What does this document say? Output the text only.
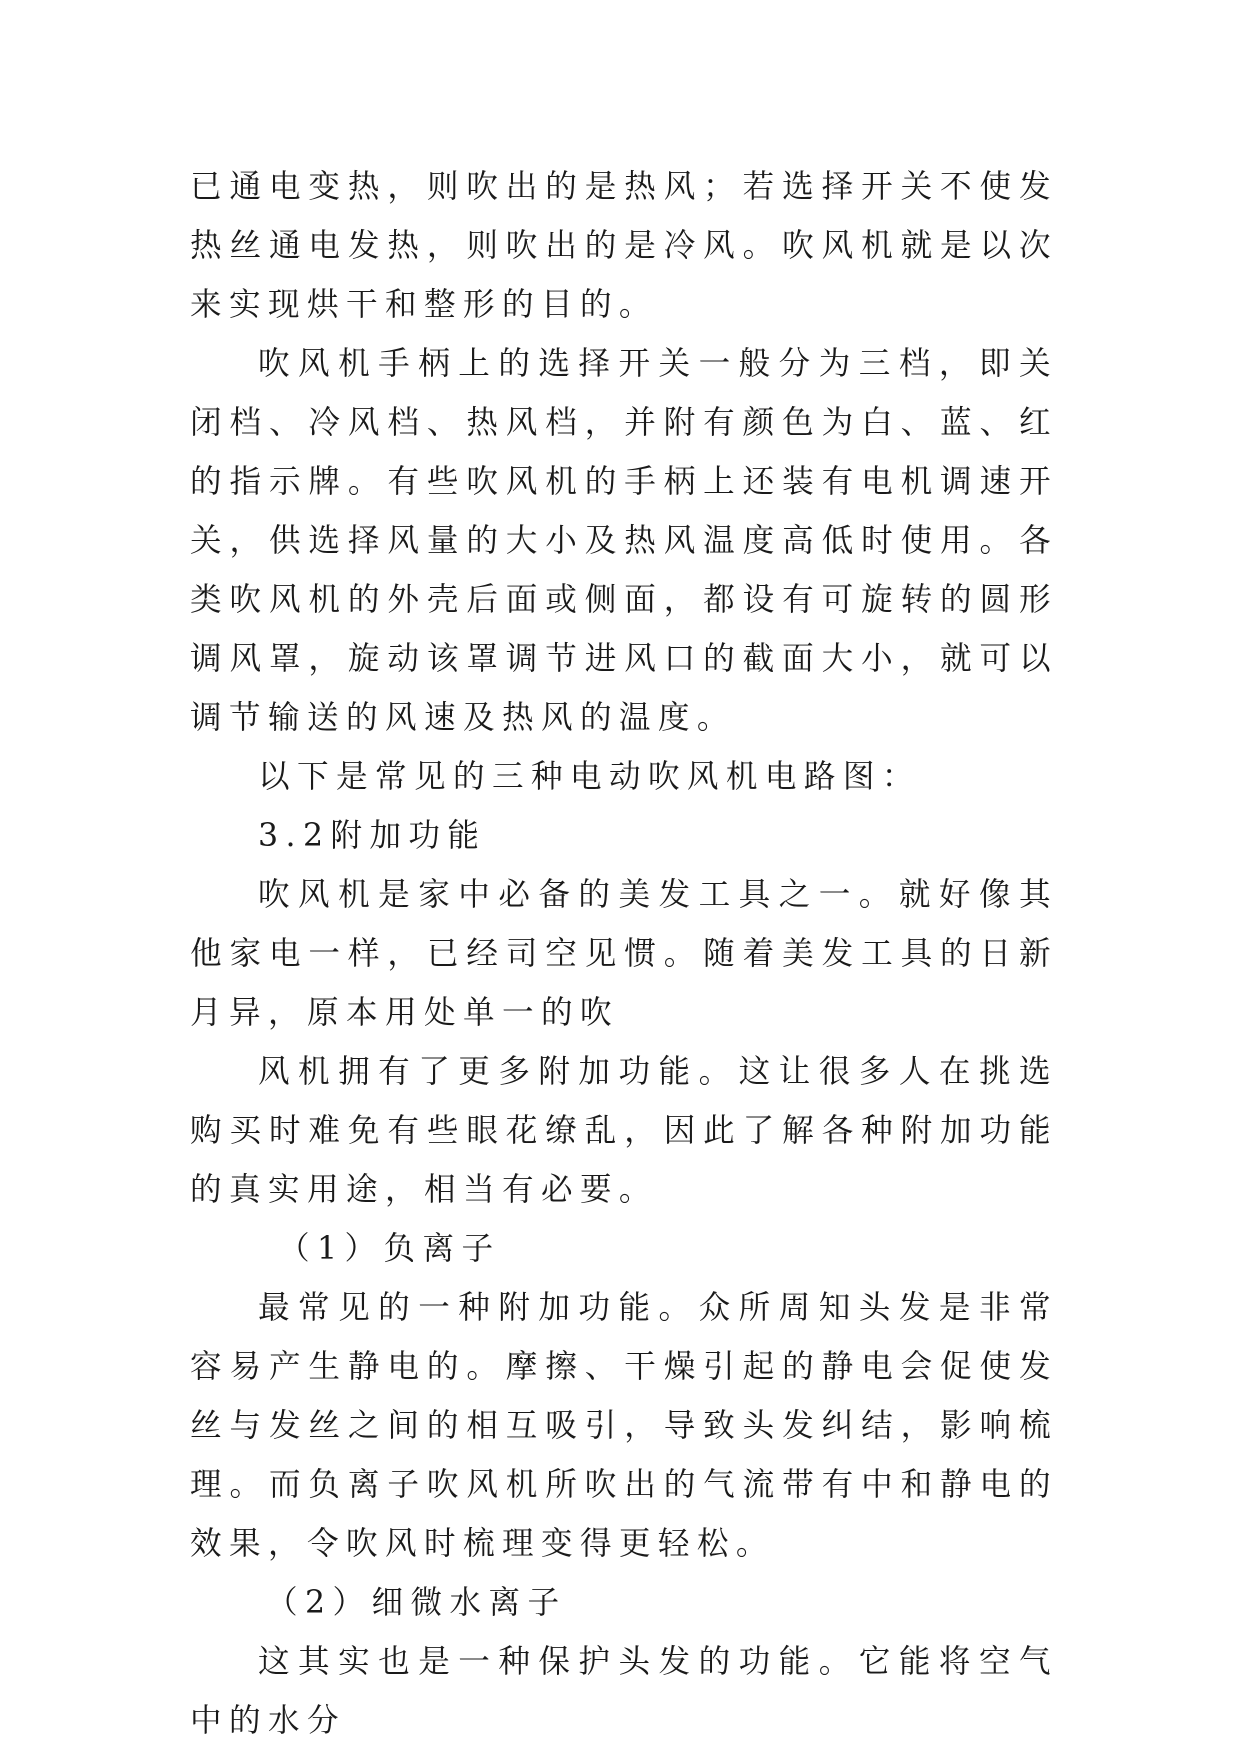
已通电变热，则吹出的是热风；若选择开关不使发热丝通电发热，则吹出的是冷风。吹风机就是以次来实现烘干和整形的目的。

吹风机手柄上的选择开关一般分为三档，即关闭档、冷风档、热风档，并附有颜色为白、蓝、红的指示牌。有些吹风机的手柄上还装有电机调速开关，供选择风量的大小及热风温度高低时使用。各类吹风机的外壳后面或侧面，都设有可旋转的圆形调风罩，旋动该罩调节进风口的截面大小，就可以调节输送的风速及热风的温度。

以下是常见的三种电动吹风机电路图：

3.2附加功能

吹风机是家中必备的美发工具之一。就好像其他家电一样，已经司空见惯。随着美发工具的日新月异，原本用处单一的吹

风机拥有了更多附加功能。这让很多人在挑选购买时难免有些眼花缭乱，因此了解各种附加功能的真实用途，相当有必要。

（1）负离子

最常见的一种附加功能。众所周知头发是非常容易产生静电的。摩擦、干燥引起的静电会促使发丝与发丝之间的相互吸引，导致头发纠结，影响梳理。而负离子吹风机所吹出的气流带有中和静电的效果，令吹风时梳理变得更轻松。

（2）细微水离子

这其实也是一种保护头发的功能。它能将空气中的水分
